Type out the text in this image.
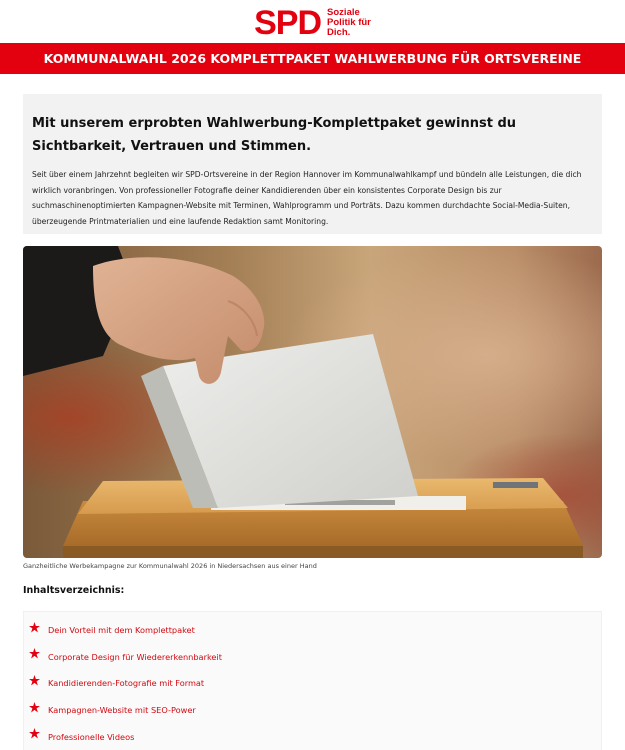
SPD Soziale
Politik für
Dich.
KOMMUNALWAHL 2026 KOMPLETTPAKET WAHLWERBUNG FÜR ORTSVEREINE
Mit unserem erprobten Wahlwerbung-Komplettpaket gewinnst du Sichtbarkeit, Vertrauen und Stimmen.

Seit über einem Jahrzehnt begleiten wir SPD-Ortsvereine in der Region Hannover im Kommunalwahlkampf und bündeln alle Leistungen, die dich wirklich voranbringen. Von professioneller Fotografie deiner Kandidierenden über ein konsistentes Corporate Design bis zur suchmaschinenoptimierten Kampagnen-Website mit Terminen, Wahlprogramm und Porträts. Dazu kommen durchdachte Social-Media-Suiten, überzeugende Printmaterialien und eine laufende Redaktion samt Monitoring.

Ganzheitliche Werbekampagne zur Kommunalwahl 2026 in Niedersachsen aus einer Hand

Inhaltsverzeichnis:
Dein Vorteil mit dem Komplettpaket
Corporate Design für Wiedererkennbarkeit
Kandidierenden-Fotografie mit Format
Kampagnen-Website mit SEO-Power
Professionelle Videos
